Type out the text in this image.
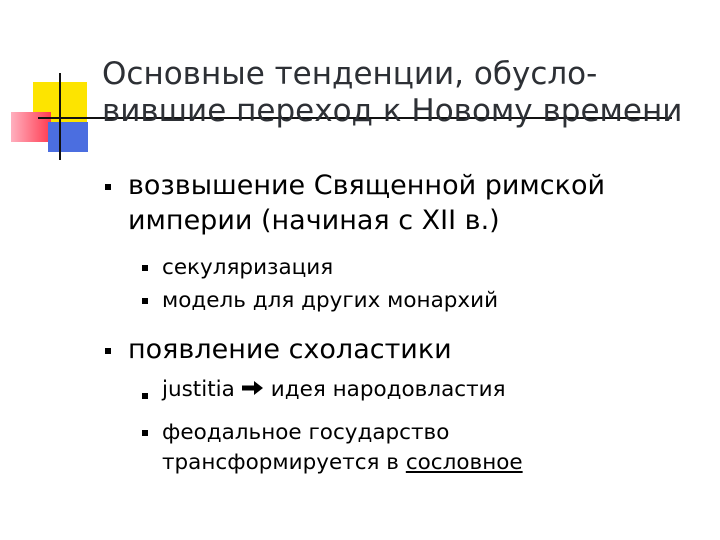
Основные тенденции, обусло-
вившие переход к Новому времени
возвышение Священной римской
империи (начиная с XII в.)
секуляризация
модель для других монархий
появление схоластики
justitia идея народовластия
феодальное государство
трансформируется в сословное
